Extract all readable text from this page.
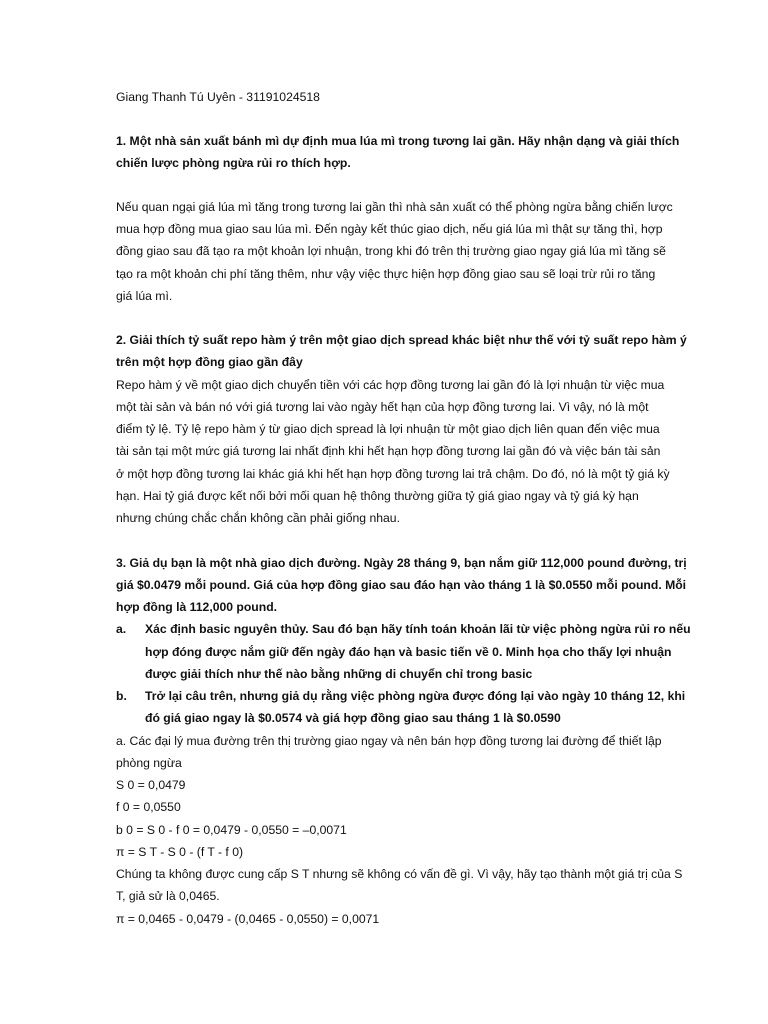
Giang Thanh Tú Uyên - 31191024518
1. Một nhà sản xuất bánh mì dự định mua lúa mì trong tương lai gần. Hãy nhận dạng và giải thích
chiến lược phòng ngừa rủi ro thích hợp.
Nếu quan ngại giá lúa mì tăng trong tương lai gần thì nhà sản xuất có thể phòng ngừa bằng chiến lược
mua hợp đồng mua giao sau lúa mì. Đến ngày kết thúc giao dịch, nếu giá lúa mì thật sự tăng thì, hợp
đồng giao sau đã tạo ra một khoản lợi nhuận, trong khi đó trên thị trường giao ngay giá lúa mì tăng sẽ
tạo ra một khoản chi phí tăng thêm, như vậy việc thực hiện hợp đồng giao sau sẽ loại trừ rủi ro tăng
giá lúa mì.
2. Giải thích tỷ suất repo hàm ý trên một giao dịch spread khác biệt như thế với tỷ suất repo hàm ý
trên một hợp đồng giao gần đây
Repo hàm ý về một giao dịch chuyển tiền với các hợp đồng tương lai gần đó là lợi nhuận từ việc mua
một tài sản và bán nó với giá tương lai vào ngày hết hạn của hợp đồng tương lai. Vì vậy, nó là một
điểm tỷ lệ. Tỷ lệ repo hàm ý từ giao dịch spread là lợi nhuận từ một giao dịch liên quan đến việc mua
tài sản tại một mức giá tương lai nhất định khi hết hạn hợp đồng tương lai gần đó và việc bán tài sản
ở một hợp đồng tương lai khác giá khi hết hạn hợp đồng tương lai trả chậm. Do đó, nó là một tỷ giá kỳ
hạn. Hai tỷ giá được kết nối bởi mối quan hệ thông thường giữa tỷ giá giao ngay và tỷ giá kỳ hạn
nhưng chúng chắc chắn không cần phải giống nhau.
3. Giả dụ bạn là một nhà giao dịch đường. Ngày 28 tháng 9, bạn nắm giữ 112,000 pound đường, trị
giá $0.0479 mỗi pound. Giá của hợp đồng giao sau đáo hạn vào tháng 1 là $0.0550 mỗi pound. Mỗi
hợp đồng là 112,000 pound.
a. Xác định basic nguyên thủy. Sau đó bạn hãy tính toán khoản lãi từ việc phòng ngừa rủi ro nếu
hợp đóng được nắm giữ đến ngày đáo hạn và basic tiến về 0. Minh họa cho thấy lợi nhuận
được giải thích như thế nào bằng những di chuyển chỉ trong basic
b. Trở lại câu trên, nhưng giả dụ rằng việc phòng ngừa được đóng lại vào ngày 10 tháng 12, khi
đó giá giao ngay là $0.0574 và giá hợp đồng giao sau tháng 1 là $0.0590
a. Các đại lý mua đường trên thị trường giao ngay và nên bán hợp đồng tương lai đường để thiết lập
phòng ngừa
S 0 = 0,0479
f 0 = 0,0550
b 0 = S 0 - f 0 = 0,0479 - 0,0550 = –0,0071
π = S T - S 0 - (f T - f 0)
Chúng ta không được cung cấp S T nhưng sẽ không có vấn đề gì. Vì vậy, hãy tạo thành một giá trị của S
T, giả sử là 0,0465.
π = 0,0465 - 0,0479 - (0,0465 - 0,0550) = 0,0071
